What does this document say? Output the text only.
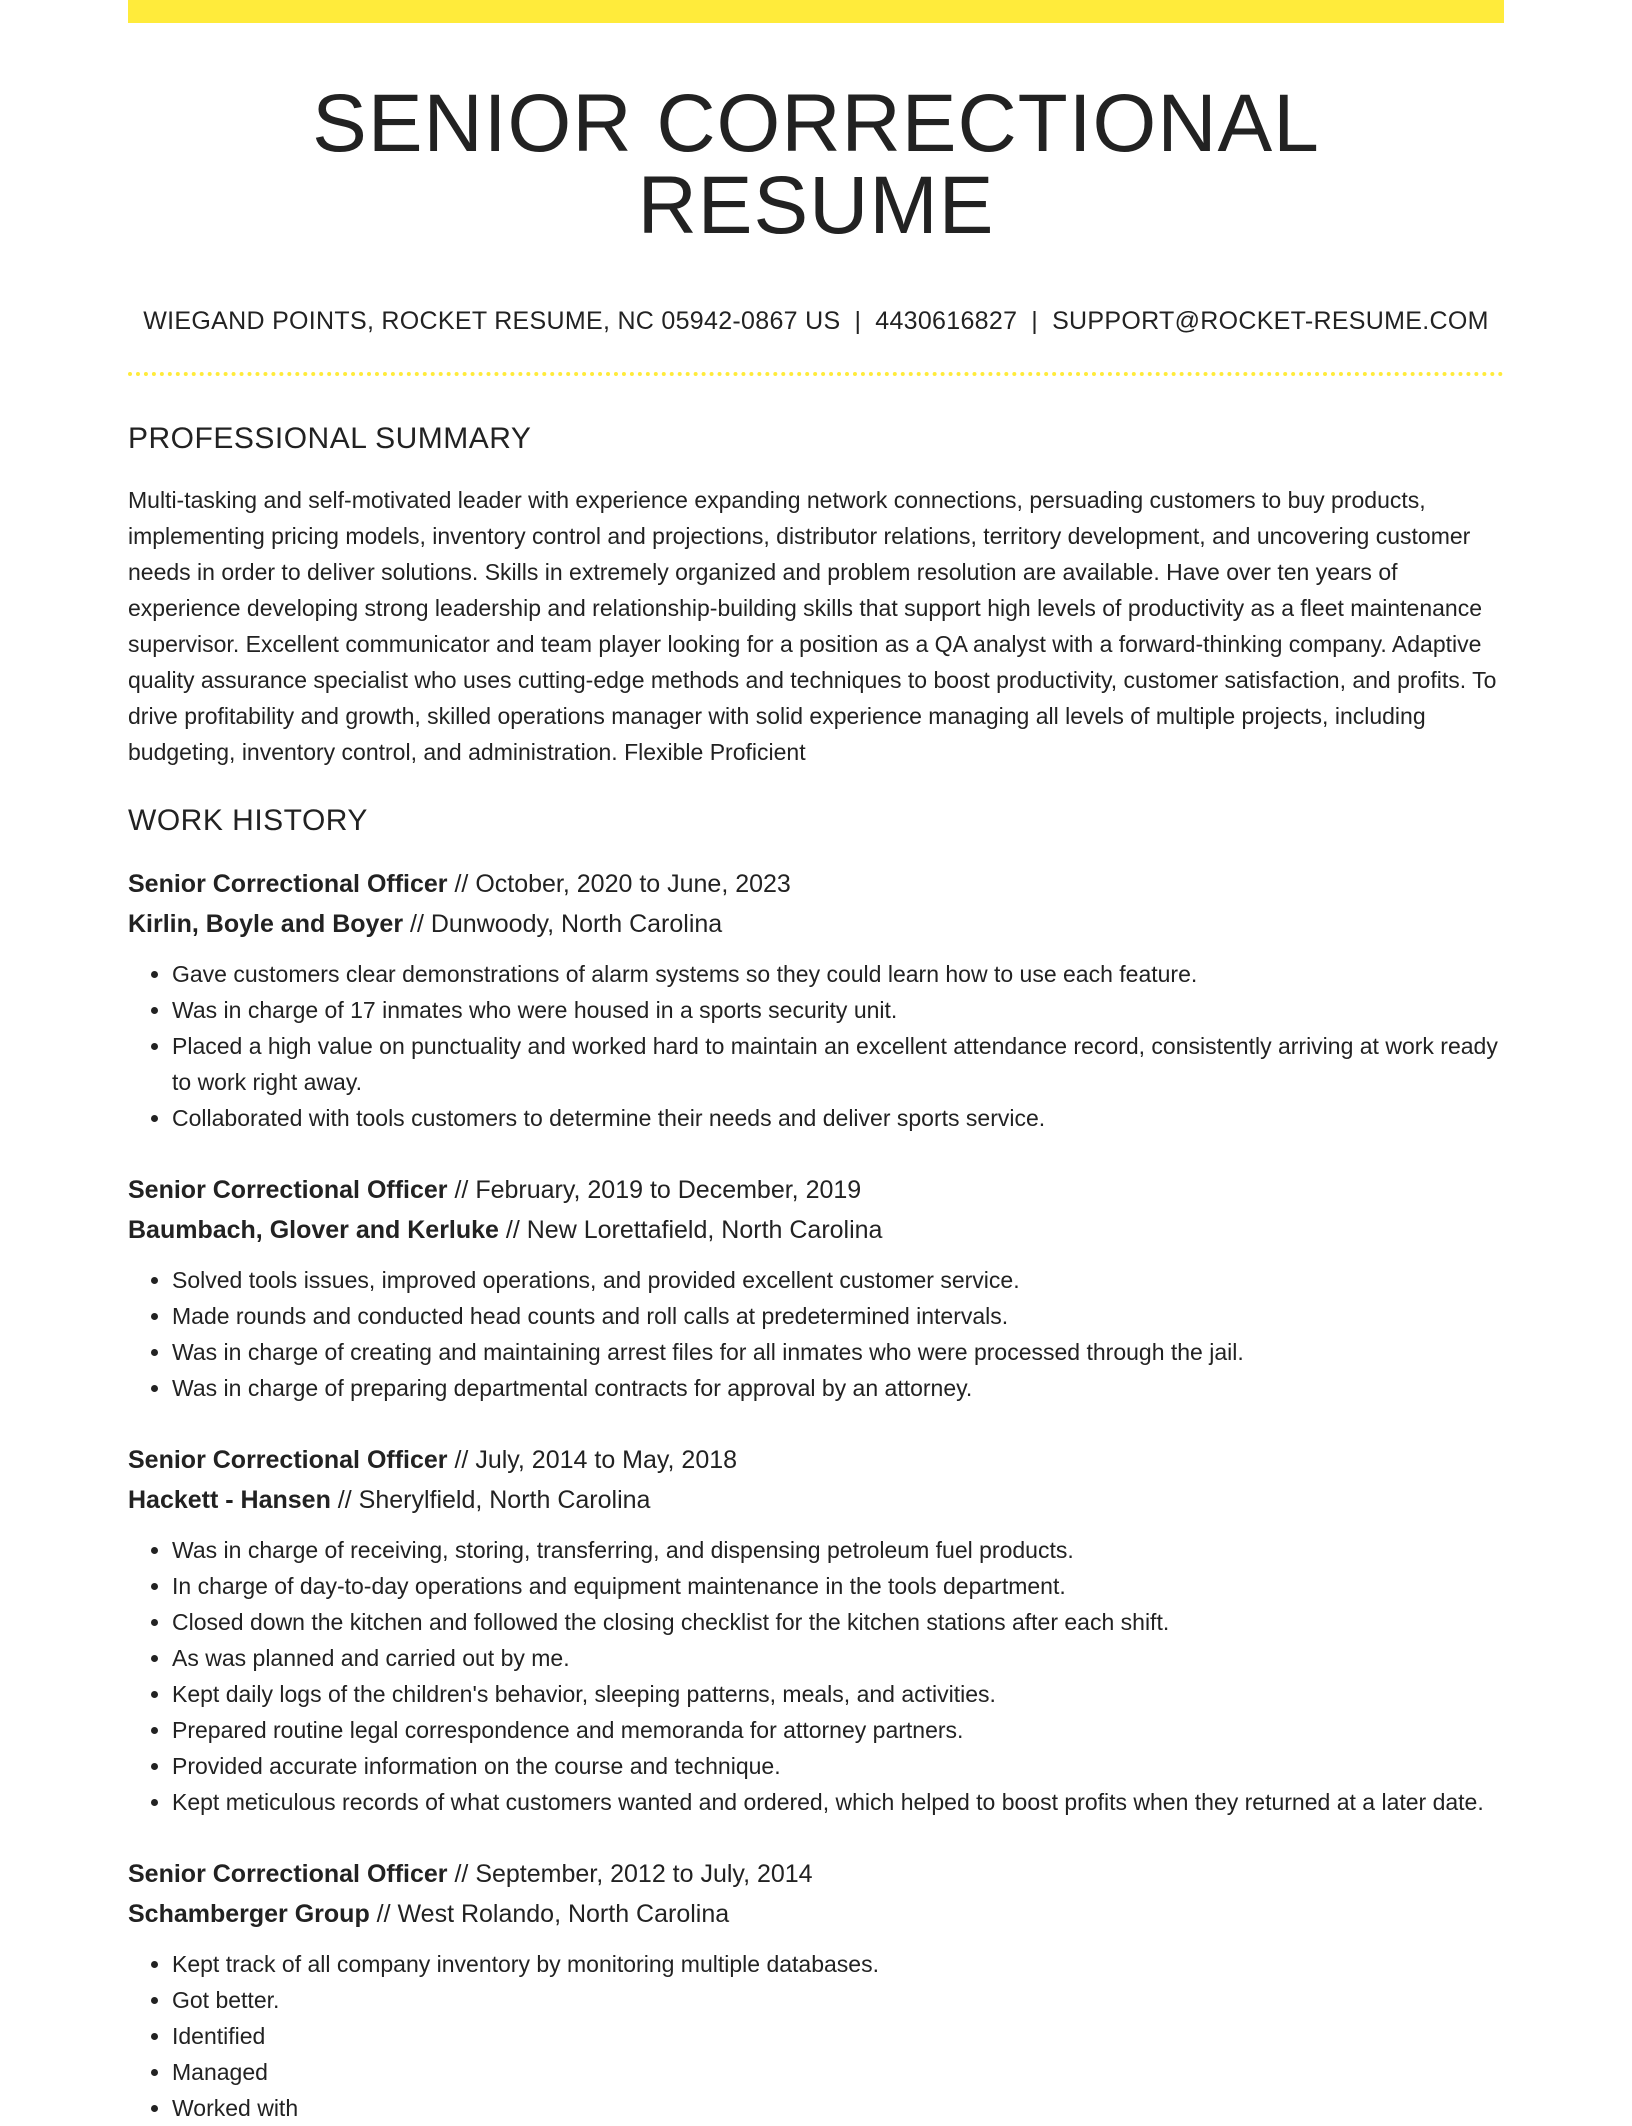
SENIOR CORRECTIONAL RESUME
WIEGAND POINTS, ROCKET RESUME, NC 05942-0867 US | 4430616827 | SUPPORT@ROCKET-RESUME.COM
PROFESSIONAL SUMMARY

Multi-tasking and self-motivated leader with experience expanding network connections, persuading customers to buy products, implementing pricing models, inventory control and projections, distributor relations, territory development, and uncovering customer needs in order to deliver solutions. Skills in extremely organized and problem resolution are available. Have over ten years of experience developing strong leadership and relationship-building skills that support high levels of productivity as a fleet maintenance supervisor. Excellent communicator and team player looking for a position as a QA analyst with a forward-thinking company. Adaptive quality assurance specialist who uses cutting-edge methods and techniques to boost productivity, customer satisfaction, and profits. To drive profitability and growth, skilled operations manager with solid experience managing all levels of multiple projects, including budgeting, inventory control, and administration. Flexible Proficient

WORK HISTORY
Senior Correctional Officer // October, 2020 to June, 2023
Kirlin, Boyle and Boyer // Dunwoody, North Carolina
• Gave customers clear demonstrations of alarm systems so they could learn how to use each feature.
• Was in charge of 17 inmates who were housed in a sports security unit.
• Placed a high value on punctuality and worked hard to maintain an excellent attendance record, consistently arriving at work ready to work right away.
• Collaborated with tools customers to determine their needs and deliver sports service.
Senior Correctional Officer // February, 2019 to December, 2019
Baumbach, Glover and Kerluke // New Lorettafield, North Carolina
• Solved tools issues, improved operations, and provided excellent customer service.
• Made rounds and conducted head counts and roll calls at predetermined intervals.
• Was in charge of creating and maintaining arrest files for all inmates who were processed through the jail.
• Was in charge of preparing departmental contracts for approval by an attorney.
Senior Correctional Officer // July, 2014 to May, 2018
Hackett - Hansen // Sherylfield, North Carolina
• Was in charge of receiving, storing, transferring, and dispensing petroleum fuel products.
• In charge of day-to-day operations and equipment maintenance in the tools department.
• Closed down the kitchen and followed the closing checklist for the kitchen stations after each shift.
• As was planned and carried out by me.
• Kept daily logs of the children's behavior, sleeping patterns, meals, and activities.
• Prepared routine legal correspondence and memoranda for attorney partners.
• Provided accurate information on the course and technique.
• Kept meticulous records of what customers wanted and ordered, which helped to boost profits when they returned at a later date.
Senior Correctional Officer // September, 2012 to July, 2014
Schamberger Group // West Rolando, North Carolina
• Kept track of all company inventory by monitoring multiple databases.
• Got better.
• Identified
• Managed
• Worked with
